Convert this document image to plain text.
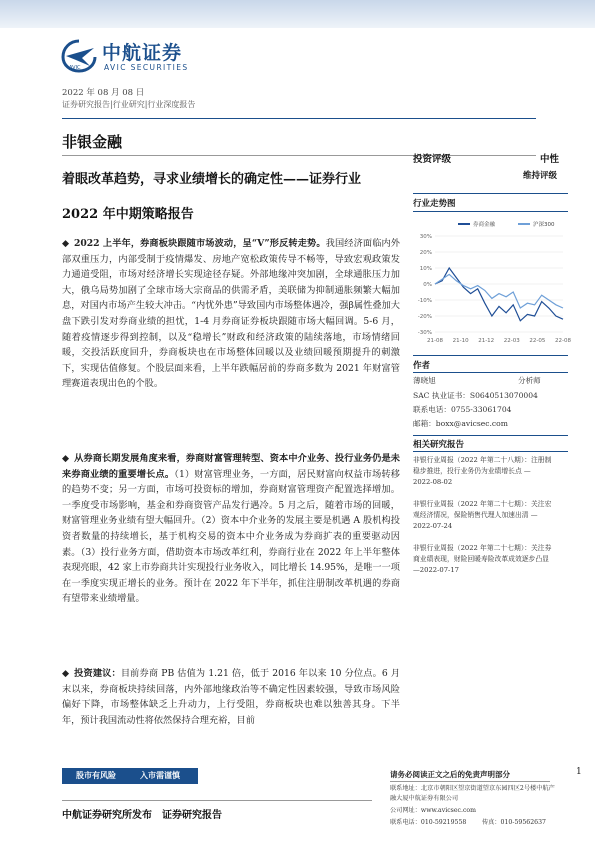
AVIC
中航证券
AVIC SECURITIES
2022 年 08 月 08 日
证券研究报告|行业研究|行业深度报告
非银金融
着眼改革趋势，寻求业绩增长的确定性——证券行业
2022 年中期策略报告
投资评级	中性
维持评级
行业走势图
30%
20%
10%
0%
-10%
-20%
-30%
21-08 21-10 21-12 22-03 22-05 22-08
券商金融	沪深300
作者
薄晓旭	分析师
SAC 执业证书：S0640513070004
联系电话：0755-33061704
邮箱：boxx@avicsec.com
相关研究报告
非银行业周报（2022 年第二十八期）：注册制
稳步推进，投行业务仍为业绩增长点 —
2022-08-02
非银行业周报（2022 年第二十七期）：关注宏
观经济情况，保险销售代理人加速出清 —
2022-07-24
非银行业周报（2022 年第二十七期）：关注券
商业绩表现，财险回暖寿险改革成效逐步凸显
—2022-07-17

◆ 2022 上半年，券商板块跟随市场波动，呈“V”形反转走势。我国经济面临内外部双重压力，内部受制于疫情爆发、房地产宽松政策传导不畅等，导致宏观政策发力通道受阻，市场对经济增长实现途径存疑。外部地缘冲突加剧，全球通胀压力加大，俄乌局势加剧了全球市场大宗商品的供需矛盾，美联储为抑制通胀频繁大幅加息，对国内市场产生较大冲击。“内忧外患”导致国内市场整体遇冷，强β属性叠加大盘下跌引发对券商业绩的担忧，1-4 月券商证券板块跟随市场大幅回调。5-6 月，随着疫情逐步得到控制，以及“稳增长”财政和经济政策的陆续落地，市场情绪回暖，交投活跃度回升，券商板块也在市场整体回暖以及业绩回暖预期提升的刺激下，实现估值修复。个股层面来看，上半年跌幅居前的券商多数为 2021 年财富管理赛道表现出色的个股。

◆ 从券商长期发展角度来看，券商财富管理转型、资本中介业务、投行业务仍是未来券商业绩的重要增长点。（1）财富管理业务，一方面，居民财富向权益市场转移的趋势不变；另一方面，市场可投资标的增加，券商财富管理资产配置选择增加。一季度受市场影响，基金和券商资管产品发行遇冷。5 月之后，随着市场的回暖，财富管理业务业绩有望大幅回升。（2）资本中介业务的发展主要是机遇 A 股机构投资者数量的持续增长，基于机构交易的资本中介业务成为券商扩表的重要驱动因素。（3）投行业务方面，借助资本市场改革红利，券商行业在 2022 年上半年整体表现亮眼，42 家上市券商共计实现投行业务收入，同比增长 14.95%，是唯一一项在一季度实现正增长的业务。预计在 2022 年下半年，抓住注册制改革机遇的券商有望带来业绩增量。

◆ 投资建议：目前券商 PB 估值为 1.21 倍，低于 2016 年以来 10 分位点。6 月末以来，券商板块持续回落，内外部地缘政治等不确定性因素较强，导致市场风险偏好下降，市场整体缺乏上升动力，上行受阻，券商板块也难以独善其身。下半年，预计我国流动性将依然保持合理充裕，目前

股市有风险	入市需谨慎	请务必阅读正文之后的免责声明部分	1
联系地址：北京市朝阳区望京街道望京东园四区2号楼中航产融大厦中航证券有限公司
公司网址：www.avicsec.com
联系电话：010-59219558	传真：010-59562637
中航证券研究所发布　证券研究报告
